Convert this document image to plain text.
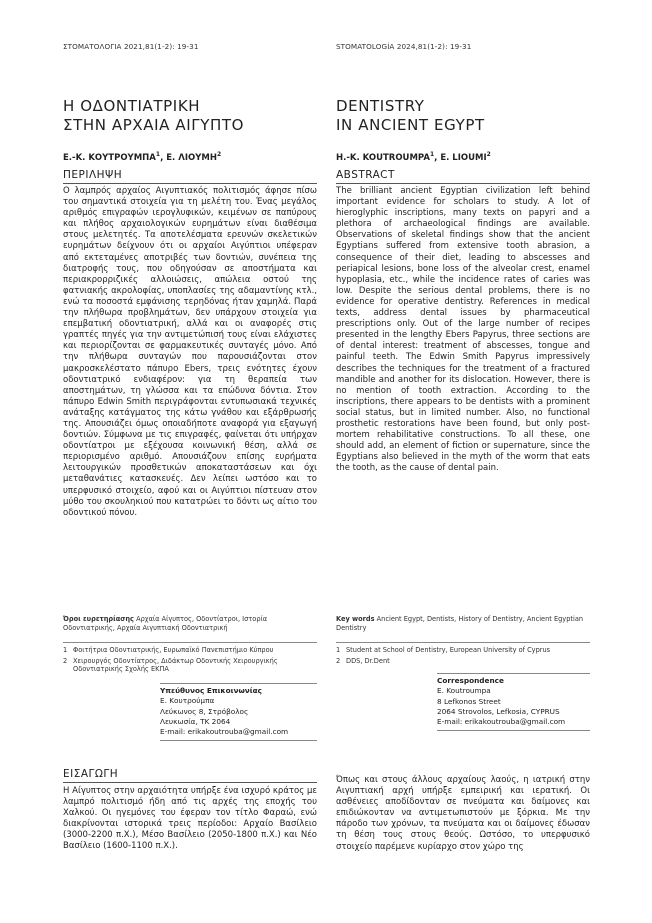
ΣΤΟΜΑΤΟΛΟΓΙΑ 2021,81(1-2): 19-31	STOMATOLOGÍA 2024,81(1-2): 19-31
Η ΟΔΟΝΤΙΑΤΡΙΚΗ
ΣΤΗΝ ΑΡΧΑΙΑ ΑΙΓΥΠΤΟ
DENTISTRY
IN ANCIENT EGYPT
Ε.-Κ. ΚΟΥΤΡΟΥΜΠΑ$^1$, Ε. ΛΙΟΥΜΗ$^2$	H.-K. KOUTROUMPA$^1$, E. LIOUMI$^2$
ΠΕΡΙΛΗΨΗ	ABSTRACT
Ο λαμπρός αρχαίος Αιγυπτιακός πολιτισμός άφησε πίσω του σημαντικά στοιχεία για τη μελέτη του. Ένας μεγάλος αριθμός επιγραφών ιερογλυφικών, κειμένων σε παπύρους και πλήθος αρχαιολογικών ευρημάτων είναι διαθέσιμα στους μελετητές. Τα αποτελέσματα ερευνών σκελετικών ευρημάτων δείχνουν ότι οι αρχαίοι Αιγύπτιοι υπέφεραν από εκτεταμένες αποτριβές των δοντιών, συνέπεια της διατροφής τους, που οδηγούσαν σε αποστήματα και περιακρορριζικές αλλοιώσεις, απώλεια οστού της φατνιακής ακρολοφίας, υποπλασίες της αδαμαντίνης κτλ., ενώ τα ποσοστά εμφάνισης τερηδόνας ήταν χαμηλά. Παρά την πλήθωρα προβλημάτων, δεν υπάρχουν στοιχεία για επεμβατική οδοντιατρική, αλλά και οι αναφορές στις γραπτές πηγές για την αντιμετώπισή τους είναι ελάχιστες και περιορίζονται σε φαρμακευτικές συνταγές μόνο. Από την πλήθωρα συνταγών που παρουσιάζονται στον μακροσκελέστατο πάπυρο Ebers, τρεις ενότητες έχουν οδοντιατρικό ενδιαφέρον: για τη θεραπεία των αποστημάτων, τη γλώσσα και τα επώδυνα δόντια. Στον πάπυρο Edwin Smith περιγράφονται εντυπωσιακά τεχνικές ανάταξης κατάγματος της κάτω γνάθου και εξάρθρωσής της. Απουσιάζει όμως οποιαδήποτε αναφορά για εξαγωγή δοντιών. Σύμφωνα με τις επιγραφές, φαίνεται ότι υπήρχαν οδοντίατροι με εξέχουσα κοινωνική θέση, αλλά σε περιορισμένο αριθμό. Απουσιάζουν επίσης ευρήματα λειτουργικών προσθετικών αποκαταστάσεων και όχι μεταθανάτιες κατασκευές. Δεν λείπει ωστόσο και το υπερφυσικό στοιχείο, αφού και οι Αιγύπτιοι πίστευαν στον μύθο του σκουληκιού που κατατρώει το δόντι ως αίτιο του οδοντικού πόνου.
The brilliant ancient Egyptian civilization left behind important evidence for scholars to study. A lot of hieroglyphic inscriptions, many texts on papyri and a plethora of archaeological findings are available. Observations of skeletal findings show that the ancient Egyptians suffered from extensive tooth abrasion, a consequence of their diet, leading to abscesses and periapical lesions, bone loss of the alveolar crest, enamel hypoplasia, etc., while the incidence rates of caries was low. Despite the serious dental problems, there is no evidence for operative dentistry. References in medical texts, address dental issues by pharmaceutical prescriptions only. Out of the large number of recipes presented in the lengthy Ebers Papyrus, three sections are of dental interest: treatment of abscesses, tongue and painful teeth. The Edwin Smith Papyrus impressively describes the techniques for the treatment of a fractured mandible and another for its dislocation. However, there is no mention of tooth extraction. According to the inscriptions, there appears to be dentists with a prominent social status, but in limited number. Also, no functional prosthetic restorations have been found, but only post-mortem rehabilitative constructions. To all these, one should add, an element of fiction or supernature, since the Egyptians also believed in the myth of the worm that eats the tooth, as the cause of dental pain.
Όροι ευρετηρίασης Αρχαία Αίγυπτος, Οδοντίατροι, Ιστορία Οδοντιατρικής, Αρχαία Αιγυπτιακή Οδοντιατρική
Key words Ancient Egypt, Dentists, History of Dentistry, Ancient Egyptian Dentistry
1 Φοιτήτρια Οδοντιατρικής, Ευρωπαϊκό Πανεπιστήμιο Κύπρου
2 Χειρουργός Οδοντίατρος, Διδάκτωρ Οδοντικής Χειρουργικής Οδοντιατρικής Σχολής ΕΚΠΑ
1 Student at School of Dentistry, European University of Cyprus
2 DDS, Dr.Dent
Υπεύθυνος Επικοινωνίας
Ε. Κουτρούμπα
Λεύκωνος 8, Στρόβολος
Λευκωσία, ΤΚ 2064
E-mail: erikakoutrouba@gmail.com
Correspondence
E. Koutroumpa
8 Lefkonos Street
2064 Strovolos, Lefkosia, CYPRUS
E-mail: erikakoutrouba@gmail.com
ΕΙΣΑΓΩΓΗ
Η Αίγυπτος στην αρχαιότητα υπήρξε ένα ισχυρό κράτος με λαμπρό πολιτισμό ήδη από τις αρχές της εποχής του Χαλκού. Οι ηγεμόνες του έφεραν τον τίτλο Φαραώ, ενώ διακρίνονται ιστορικά τρεις περίοδοι: Αρχαίο Βασίλειο (3000-2200 π.Χ.), Μέσο Βασίλειο (2050-1800 π.Χ.) και Νέο Βασίλειο (1600-1100 π.Χ.).
Όπως και στους άλλους αρχαίους λαούς, η ιατρική στην Αιγυπτιακή αρχή υπήρξε εμπειρική και ιερατική. Οι ασθένειες αποδίδονταν σε πνεύματα και δαίμονες και επιδιώκονταν να αντιμετωπιστούν με ξόρκια. Με την πάροδο των χρόνων, τα πνεύματα και οι δαίμονες έδωσαν τη θέση τους στους θεούς. Ωστόσο, το υπερφυσικό στοιχείο παρέμενε κυρίαρχο στον χώρο της
